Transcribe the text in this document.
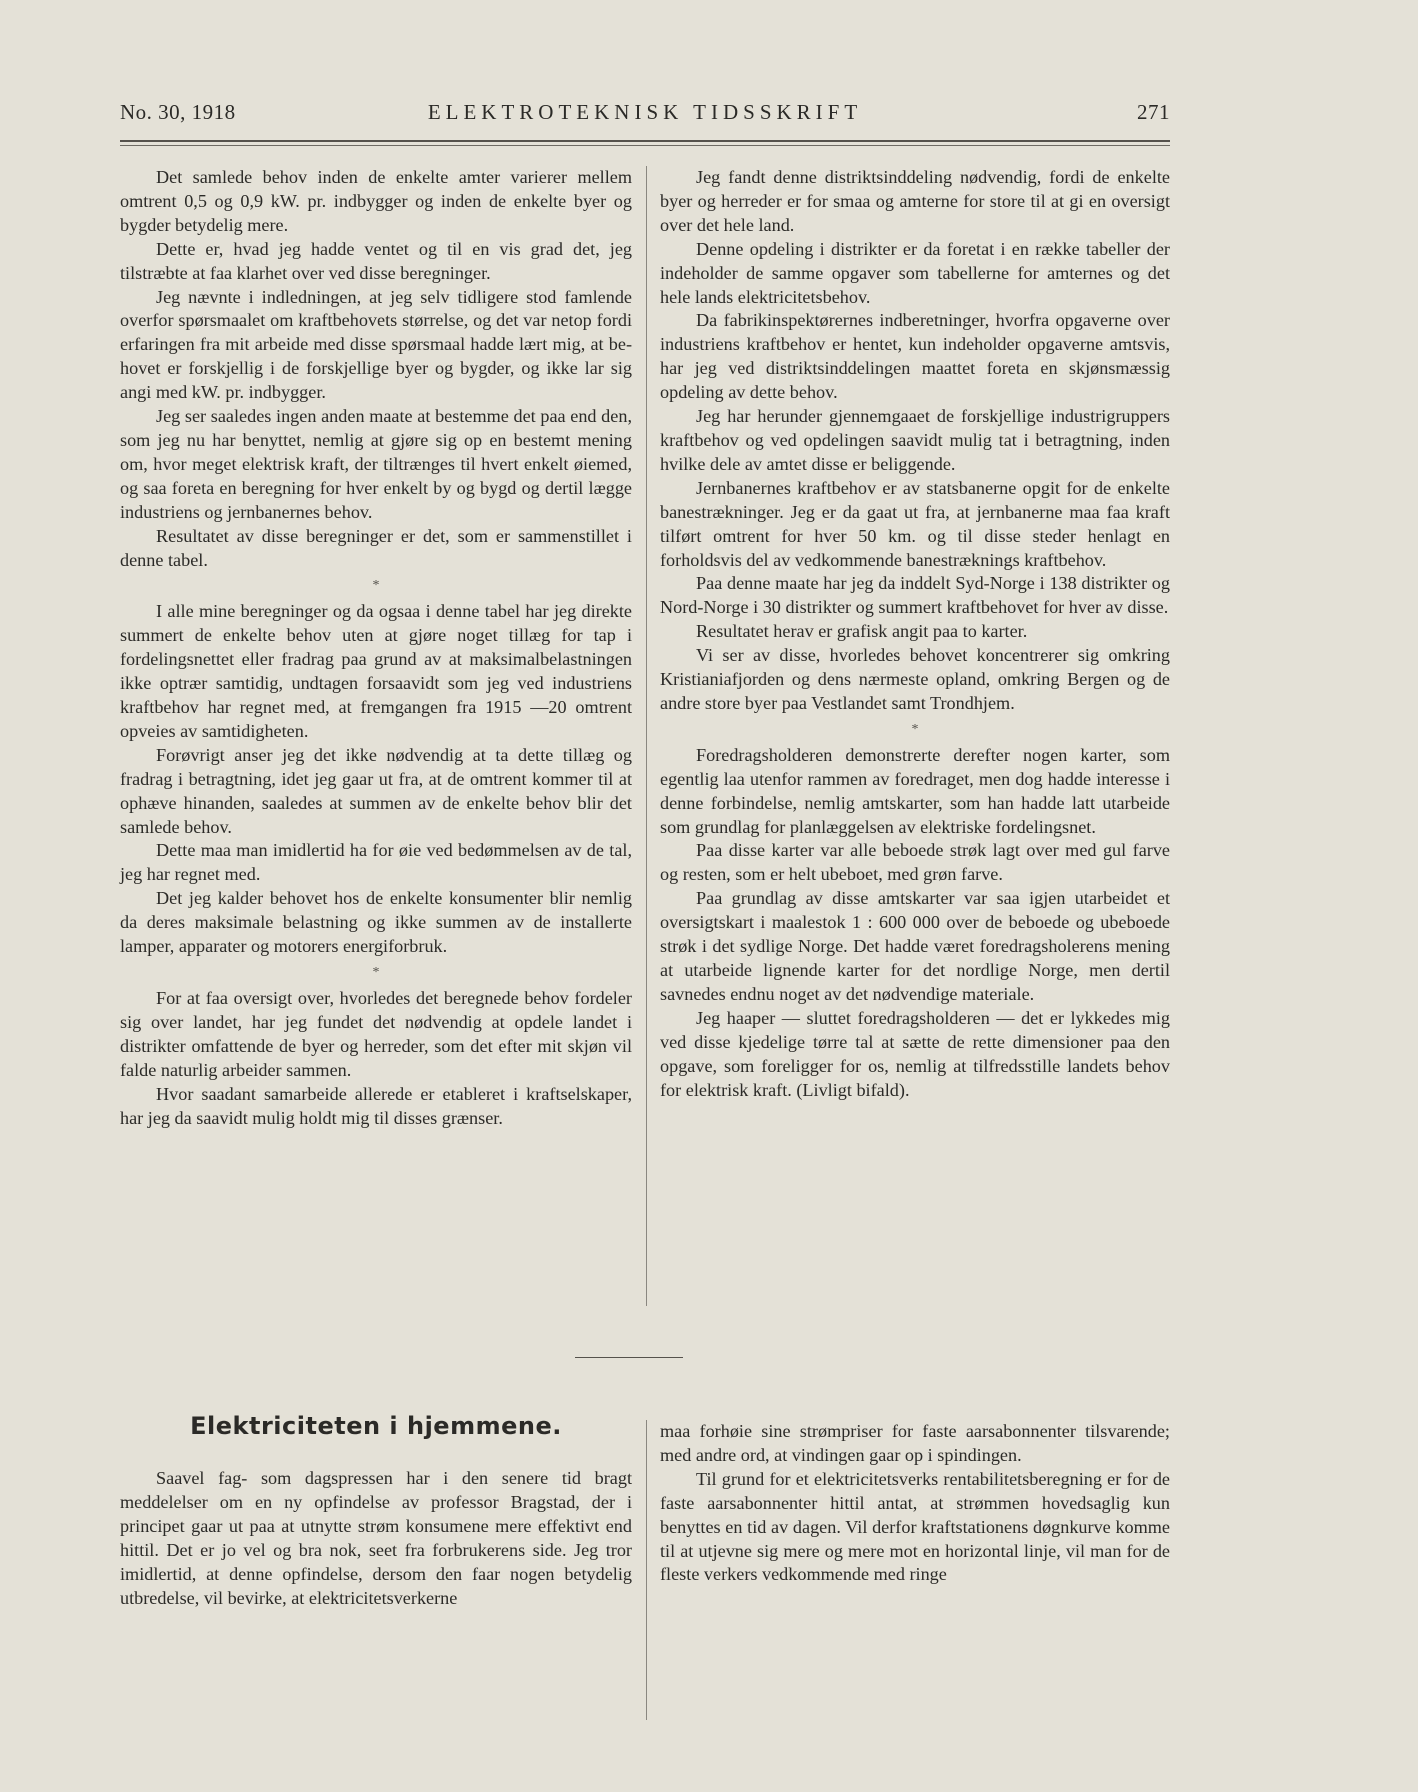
No. 30, 1918	ELEKTROTEKNISK TIDSSKRIFT	271

Det samlede behov inden de enkelte amter varierer mellem omtrent 0,5 og 0,9 kW. pr. indbygger og inden de enkelte byer og bygder betydelig mere.

Dette er, hvad jeg hadde ventet og til en vis grad det, jeg tilstræbte at faa klarhet over ved disse beregninger.

Jeg nævnte i indledningen, at jeg selv tidligere stod famlende overfor spørsmaalet om kraftbehovets størrelse, og det var netop fordi erfaringen fra mit arbeide med disse spørsmaal hadde lært mig, at behovet er forskjellig i de forskjellige byer og bygder, og ikke lar sig angi med kW. pr. indbygger.

Jeg ser saaledes ingen anden maate at bestemme det paa end den, som jeg nu har benyttet, nemlig at gjøre sig op en bestemt mening om, hvor meget elektrisk kraft, der tiltrænges til hvert enkelt øiemed, og saa foreta en beregning for hver enkelt by og bygd og dertil lægge industriens og jernbanernes behov.

Resultatet av disse beregninger er det, som er sammenstillet i denne tabel.

*

I alle mine beregninger og da ogsaa i denne tabel har jeg direkte summert de enkelte behov uten at gjøre noget tillæg for tap i fordelingsnettet eller fradrag paa grund av at maksimalbelastningen ikke optrær samtidig, undtagen forsaavidt som jeg ved industriens kraftbehov har regnet med, at fremgangen fra 1915 —20 omtrent opveies av samtidigheten.

Forøvrigt anser jeg det ikke nødvendig at ta dette tillæg og fradrag i betragtning, idet jeg gaar ut fra, at de omtrent kommer til at ophæve hinanden, saaledes at summen av de enkelte behov blir det samlede behov.

Dette maa man imidlertid ha for øie ved bedømmelsen av de tal, jeg har regnet med.

Det jeg kalder behovet hos de enkelte konsumenter blir nemlig da deres maksimale belastning og ikke summen av de installerte lamper, apparater og motorers energiforbruk.

*

For at faa oversigt over, hvorledes det beregnede behov fordeler sig over landet, har jeg fundet det nødvendig at opdele landet i distrikter omfattende de byer og herreder, som det efter mit skjøn vil falde naturlig arbeider sammen.

Hvor saadant samarbeide allerede er etableret i kraftselskaper, har jeg da saavidt mulig holdt mig til disses grænser.

Jeg fandt denne distriktsinddeling nødvendig, fordi de enkelte byer og herreder er for smaa og amterne for store til at gi en oversigt over det hele land.

Denne opdeling i distrikter er da foretat i en række tabeller der indeholder de samme opgaver som tabellerne for amternes og det hele lands elektricitetsbehov.

Da fabrikinspektørernes indberetninger, hvorfra opgaverne over industriens kraftbehov er hentet, kun indeholder opgaverne amtsvis, har jeg ved distriktsinddelingen maattet foreta en skjønsmæssig opdeling av dette behov.

Jeg har herunder gjennemgaaet de forskjellige industrigruppers kraftbehov og ved opdelingen saavidt mulig tat i betragtning, inden hvilke dele av amtet disse er beliggende.

Jernbanernes kraftbehov er av statsbanerne opgit for de enkelte banestrækninger. Jeg er da gaat ut fra, at jernbanerne maa faa kraft tilført omtrent for hver 50 km. og til disse steder henlagt en forholdsvis del av vedkommende banestræknings kraftbehov.

Paa denne maate har jeg da inddelt Syd-Norge i 138 distrikter og Nord-Norge i 30 distrikter og summert kraftbehovet for hver av disse.

Resultatet herav er grafisk angit paa to karter.

Vi ser av disse, hvorledes behovet koncentrerer sig omkring Kristianiafjorden og dens nærmeste opland, omkring Bergen og de andre store byer paa Vestlandet samt Trondhjem.

*

Foredragsholderen demonstrerte derefter nogen karter, som egentlig laa utenfor rammen av foredraget, men dog hadde interesse i denne forbindelse, nemlig amtskarter, som han hadde latt utarbeide som grundlag for planlæggelsen av elektriske fordelingsnet.

Paa disse karter var alle beboede strøk lagt over med gul farve og resten, som er helt ubeboet, med grøn farve.

Paa grundlag av disse amtskarter var saa igjen utarbeidet et oversigtskart i maalestok 1 : 600 000 over de beboede og ubeboede strøk i det sydlige Norge. Det hadde været foredragsholerens mening at utarbeide lignende karter for det nordlige Norge, men dertil savnedes endnu noget av det nødvendige materiale.

Jeg haaper — sluttet foredragsholderen — det er lykkedes mig ved disse kjedelige tørre tal at sætte de rette dimensioner paa den opgave, som foreligger for os, nemlig at tilfredsstille landets behov for elektrisk kraft. (Livligt bifald).

Elektriciteten i hjemmene.

Saavel fag- som dagspressen har i den senere tid bragt meddelelser om en ny opfindelse av professor Bragstad, der i principet gaar ut paa at utnytte strøm konsumene mere effektivt end hittil. Det er jo vel og bra nok, seet fra forbrukerens side. Jeg tror imidlertid, at denne opfindelse, dersom den faar nogen betydelig utbredelse, vil bevirke, at elektricitetsverkerne

maa forhøie sine strømpriser for faste aarsabonnenter tilsvarende; med andre ord, at vindingen gaar op i spindingen.

Til grund for et elektricitetsverks rentabilitetsberegning er for de faste aarsabonnenter hittil antat, at strømmen hovedsaglig kun benyttes en tid av dagen. Vil derfor kraftstationens døgnkurve komme til at utjevne sig mere og mere mot en horizontal linje, vil man for de fleste verkers vedkommende med ringe
